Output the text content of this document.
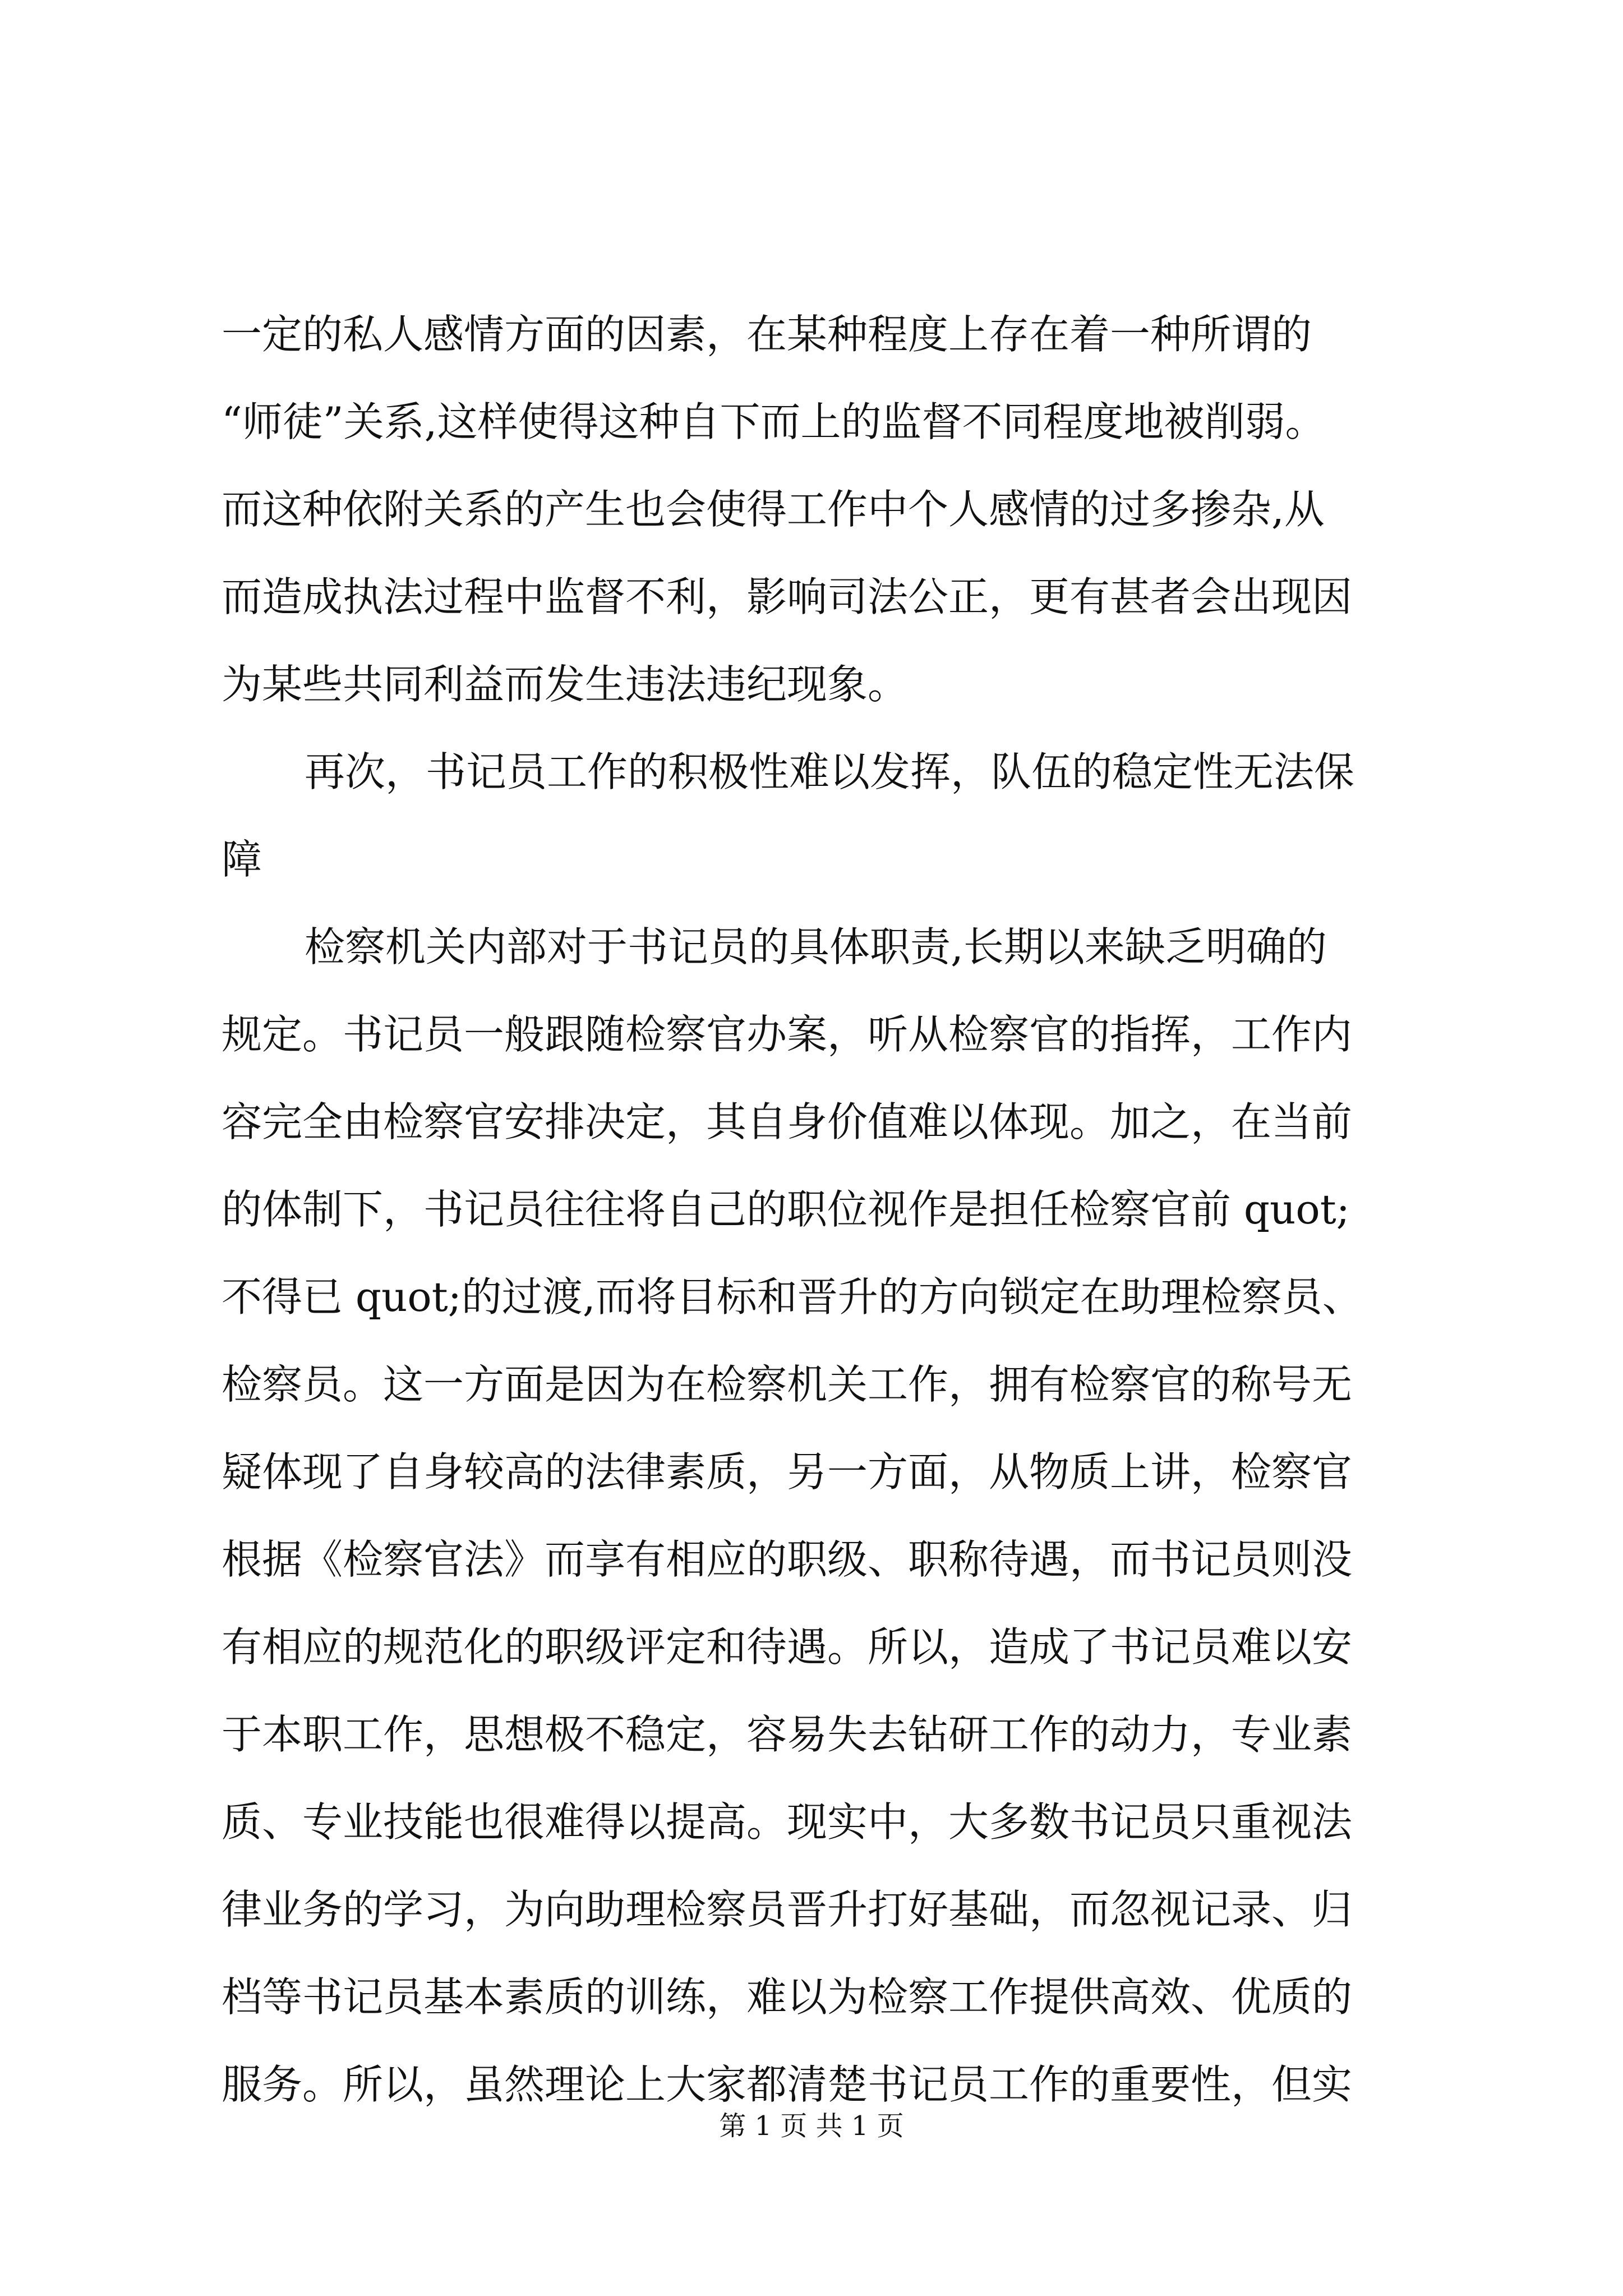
一定的私人感情方面的因素，在某种程度上存在着一种所谓的
“师徒”关系,这样使得这种自下而上的监督不同程度地被削弱。
而这种依附关系的产生也会使得工作中个人感情的过多掺杂,从
而造成执法过程中监督不利，影响司法公正，更有甚者会出现因
为某些共同利益而发生违法违纪现象。
再次，书记员工作的积极性难以发挥，队伍的稳定性无法保
障
检察机关内部对于书记员的具体职责,长期以来缺乏明确的
规定。书记员一般跟随检察官办案，听从检察官的指挥，工作内
容完全由检察官安排决定，其自身价值难以体现。加之，在当前
的体制下，书记员往往将自己的职位视作是担任检察官前 quot;
不得已 quot;的过渡,而将目标和晋升的方向锁定在助理检察员、
检察员。这一方面是因为在检察机关工作，拥有检察官的称号无
疑体现了自身较高的法律素质，另一方面，从物质上讲，检察官
根据《检察官法》而享有相应的职级、职称待遇，而书记员则没
有相应的规范化的职级评定和待遇。所以，造成了书记员难以安
于本职工作，思想极不稳定，容易失去钻研工作的动力，专业素
质、专业技能也很难得以提高。现实中，大多数书记员只重视法
律业务的学习，为向助理检察员晋升打好基础，而忽视记录、归
档等书记员基本素质的训练，难以为检察工作提供高效、优质的
服务。所以，虽然理论上大家都清楚书记员工作的重要性，但实
第 1 页 共 1 页
